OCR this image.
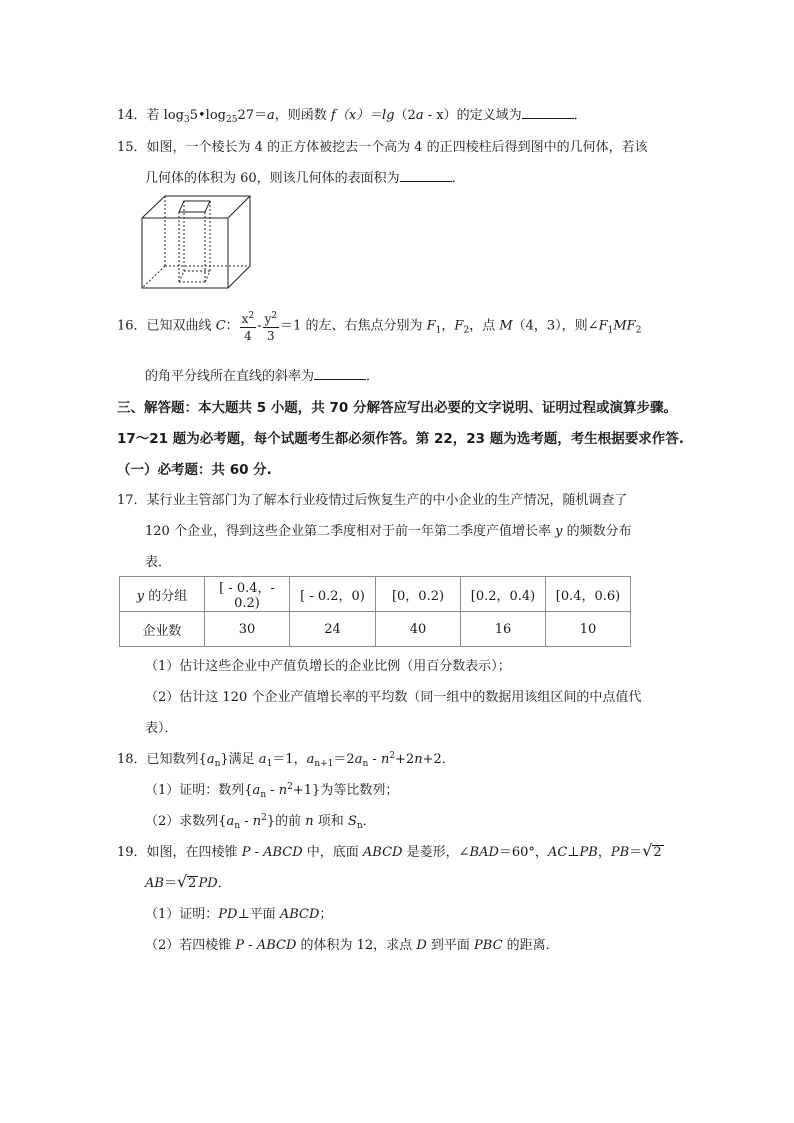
14．若 $\log_35•\log_{25}27=a$，则函数 f（x）＝lg（2a - x）的定义域为	．
15．如图，一个棱长为 4 的正方体被挖去一个高为 4 的正四棱柱后得到图中的几何体，若该
几何体的体积为 60，则该几何体的表面积为	．
16．已知双曲线 C： $\frac{x^2}{4} - \frac{y^2}{3} =1$ 的左、右焦点分别为 $F_1$，$F_2$，点 M（4，3），则$\angle F_1MF_2$
的角平分线所在直线的斜率为	．
三、解答题：本大题共 5 小题，共 70 分解答应写出必要的文字说明、证明过程或演算步骤。
17～21 题为必考题，每个试题考生都必须作答。第 22，23 题为选考题，考生根据要求作答.
（一）必考题：共 60 分.
17．某行业主管部门为了解本行业疫情过后恢复生产的中小企业的生产情况，随机调查了
120 个企业，得到这些企业第二季度相对于前一年第二季度产值增长率 y 的频数分布
表．
y 的分组	[ - 0.4，- 0.2)	[ - 0.2，0)	[0，0.2)	[0.2，0.4)	[0.4，0.6)
企业数	30	24	40	16	10
（1）估计这些企业中产值负增长的企业比例（用百分数表示）；
（2）估计这 120 个企业产值增长率的平均数（同一组中的数据用该组区间的中点值代
表）．
18．已知数列$\{a_n\}$满足 $a_1=1$，$a_{n+1}=2a_n - n^2+2n+2$．
（1）证明：数列$\{a_n - n^2+1\}$为等比数列；
（2）求数列$\{a_n - n^2\}$的前 n 项和 $S_n$．
19．如图，在四棱锥 P - ABCD 中，底面 ABCD 是菱形，∠BAD＝60°，AC⊥PB，PB＝√2
AB＝√2 PD．
（1）证明：PD⊥平面 ABCD；
（2）若四棱锥 P - ABCD 的体积为 12，求点 D 到平面 PBC 的距离．
